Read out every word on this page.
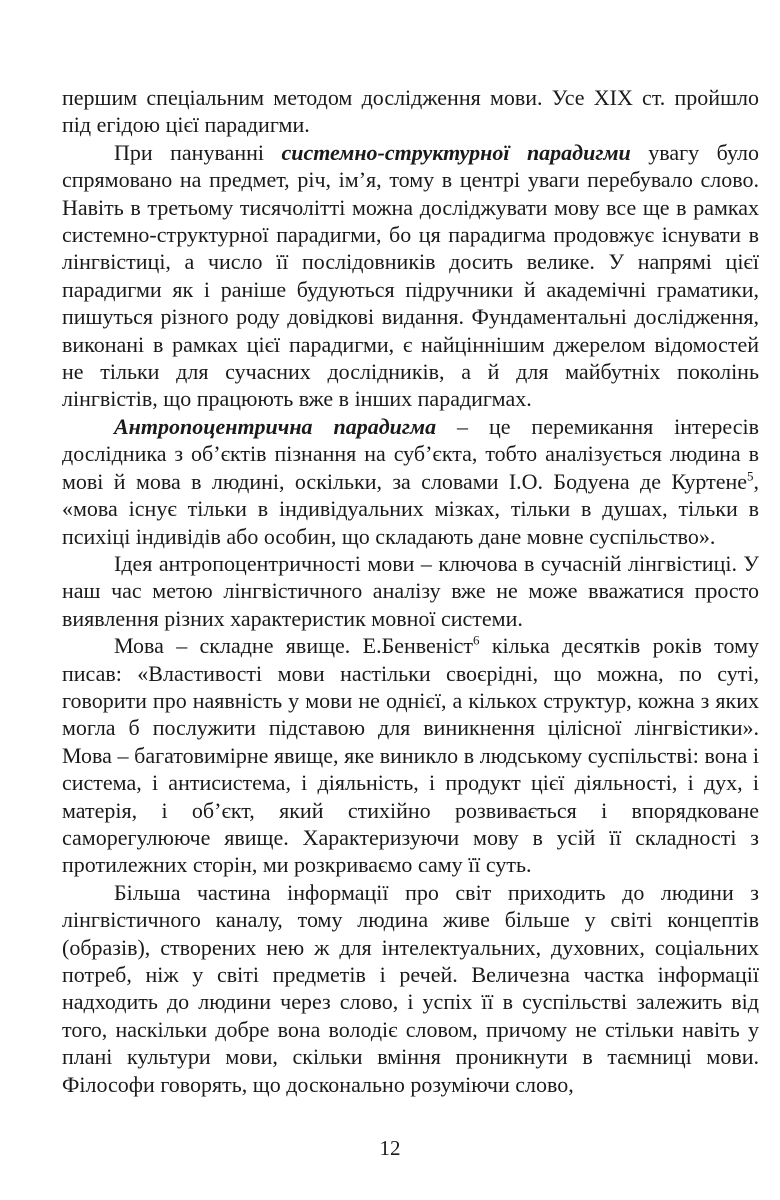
першим спеціальним методом дослідження мови. Усе XIX ст. пройшло під егідою цієї парадигми.

При пануванні системно-структурної парадигми увагу було спрямовано на предмет, річ, ім’я, тому в центрі уваги перебувало слово. Навіть в третьому тисячолітті можна досліджувати мову все ще в рамках системно-структурної парадигми, бо ця парадигма продовжує існувати в лінгвістиці, а число її послідовників досить велике. У напрямі цієї парадигми як і раніше будуються підручники й академічні граматики, пишуться різного роду довідкові видання. Фундаментальні дослідження, виконані в рамках цієї парадигми, є найціннішим джерелом відомостей не тільки для сучасних дослідників, а й для майбутніх поколінь лінгвістів, що працюють вже в інших парадигмах.

Антропоцентрична парадигма – це перемикання інтересів дослідника з об’єктів пізнання на суб’єкта, тобто аналізується людина в мові й мова в людині, оскільки, за словами І.О. Бодуена де Куртене$^5$, «мова існує тільки в індивідуальних мізках, тільки в душах, тільки в психіці індивідів або особин, що складають дане мовне суспільство».

Ідея антропоцентричності мови – ключова в сучасній лінгвістиці. У наш час метою лінгвістичного аналізу вже не може вважатися просто виявлення різних характеристик мовної системи.

Мова – складне явище. Е.Бенвеніст$^6$ кілька десятків років тому писав: «Властивості мови настільки своєрідні, що можна, по суті, говорити про наявність у мови не однієї, а кількох структур, кожна з яких могла б послужити підставою для виникнення цілісної лінгвістики». Мова – багатовимірне явище, яке виникло в людському суспільстві: вона і система, і антисистема, і діяльність, і продукт цієї діяльності, і дух, і матерія, і об’єкт, який стихійно розвивається і впорядковане саморегулююче явище. Характеризуючи мову в усій її складності з протилежних сторін, ми розкриваємо саму її суть.

Більша частина інформації про світ приходить до людини з лінгвістичного каналу, тому людина живе більше у світі концептів (образів), створених нею ж для інтелектуальних, духовних, соціальних потреб, ніж у світі предметів і речей. Величезна частка інформації надходить до людини через слово, і успіх її в суспільстві залежить від того, наскільки добре вона володіє словом, причому не стільки навіть у плані культури мови, скільки вміння проникнути в таємниці мови. Філософи говорять, що досконально розуміючи слово,

12
